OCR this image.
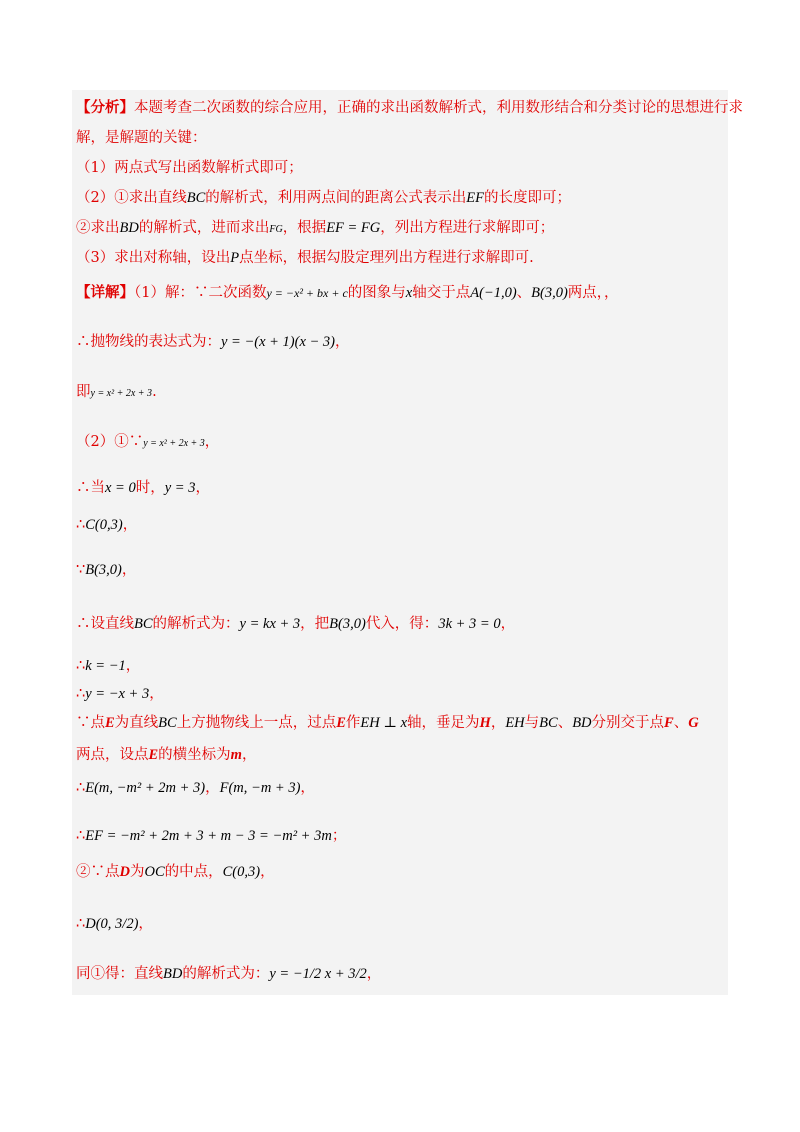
【分析】本题考查二次函数的综合应用，正确的求出函数解析式，利用数形结合和分类讨论的思想进行求
解，是解题的关键：
（1）两点式写出函数解析式即可；
（2）①求出直线BC的解析式，利用两点间的距离公式表示出EF的长度即可；
②求出BD的解析式，进而求出FG，根据EF = FG，列出方程进行求解即可；
（3）求出对称轴，设出P点坐标，根据勾股定理列出方程进行求解即可.
【详解】（1）解：∵二次函数y = −x² + bx + c的图象与x轴交于点A(−1,0)、B(3,0)两点，，
∴抛物线的表达式为：y = −(x + 1)(x − 3)，
即y = x² + 2x + 3.
（2）①∵y = x² + 2x + 3，
∴当x = 0时，y = 3，
∴C(0,3)，
∵B(3,0)，
∴设直线BC的解析式为：y = kx + 3，把B(3,0)代入，得：3k + 3 = 0，
∴k = −1，
∴y = −x + 3，
∵点E为直线BC上方抛物线上一点，过点E作EH ⊥ x轴，垂足为H，EH与BC、BD分别交于点F、G
两点，设点E的横坐标为m，
∴E(m, −m² + 2m + 3)，F(m, −m + 3)，
∴EF = −m² + 2m + 3 + m − 3 = −m² + 3m；
②∵点D为OC的中点，C(0,3)，
∴D(0, 3/2)，
同①得：直线BD的解析式为：y = −1/2 x + 3/2，
